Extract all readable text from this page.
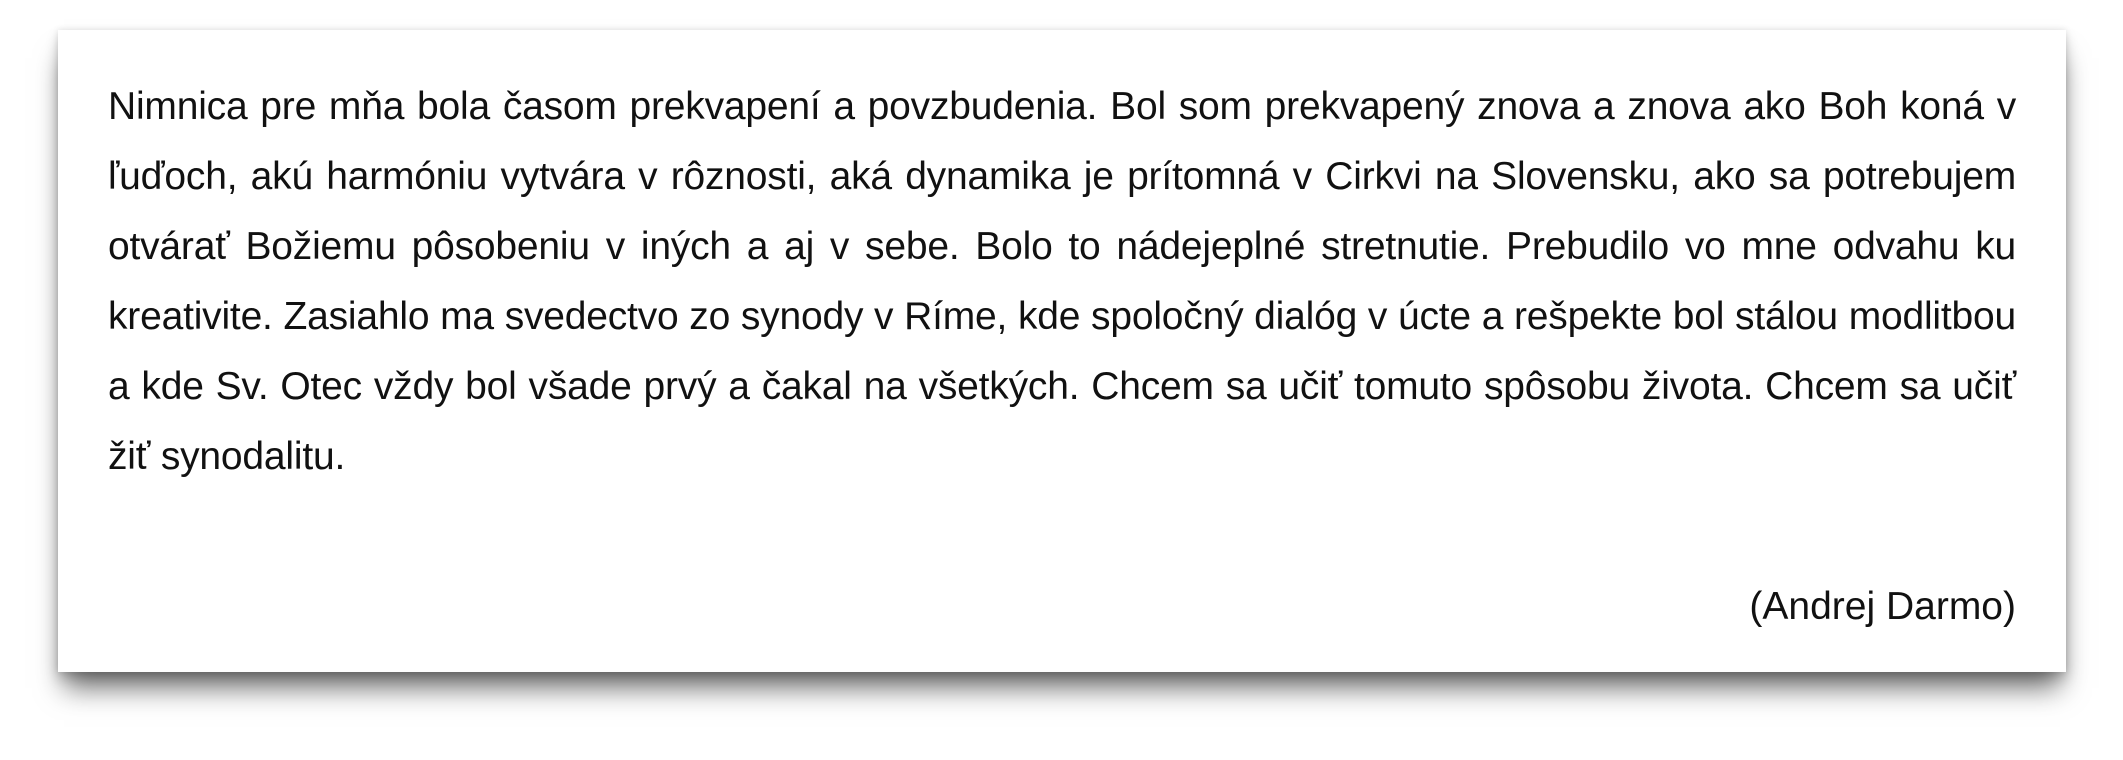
Nimnica pre mňa bola časom prekvapení a povzbudenia. Bol som prekvapený znova a znova ako Boh koná v ľuďoch, akú harmóniu vytvára v rôznosti, aká dynamika je prítomná v Cirkvi na Slovensku, ako sa potrebujem otvárať Božiemu pôsobeniu v iných a aj v sebe. Bolo to nádejeplné stretnutie. Prebudilo vo mne odvahu ku kreativite. Zasiahlo ma svedectvo zo synody v Ríme, kde spoločný dialóg v úcte a rešpekte bol stálou modlitbou a kde Sv. Otec vždy bol všade prvý a čakal na všetkých. Chcem sa učiť tomuto spôsobu života. Chcem sa učiť žiť synodalitu.

(Andrej Darmo)
